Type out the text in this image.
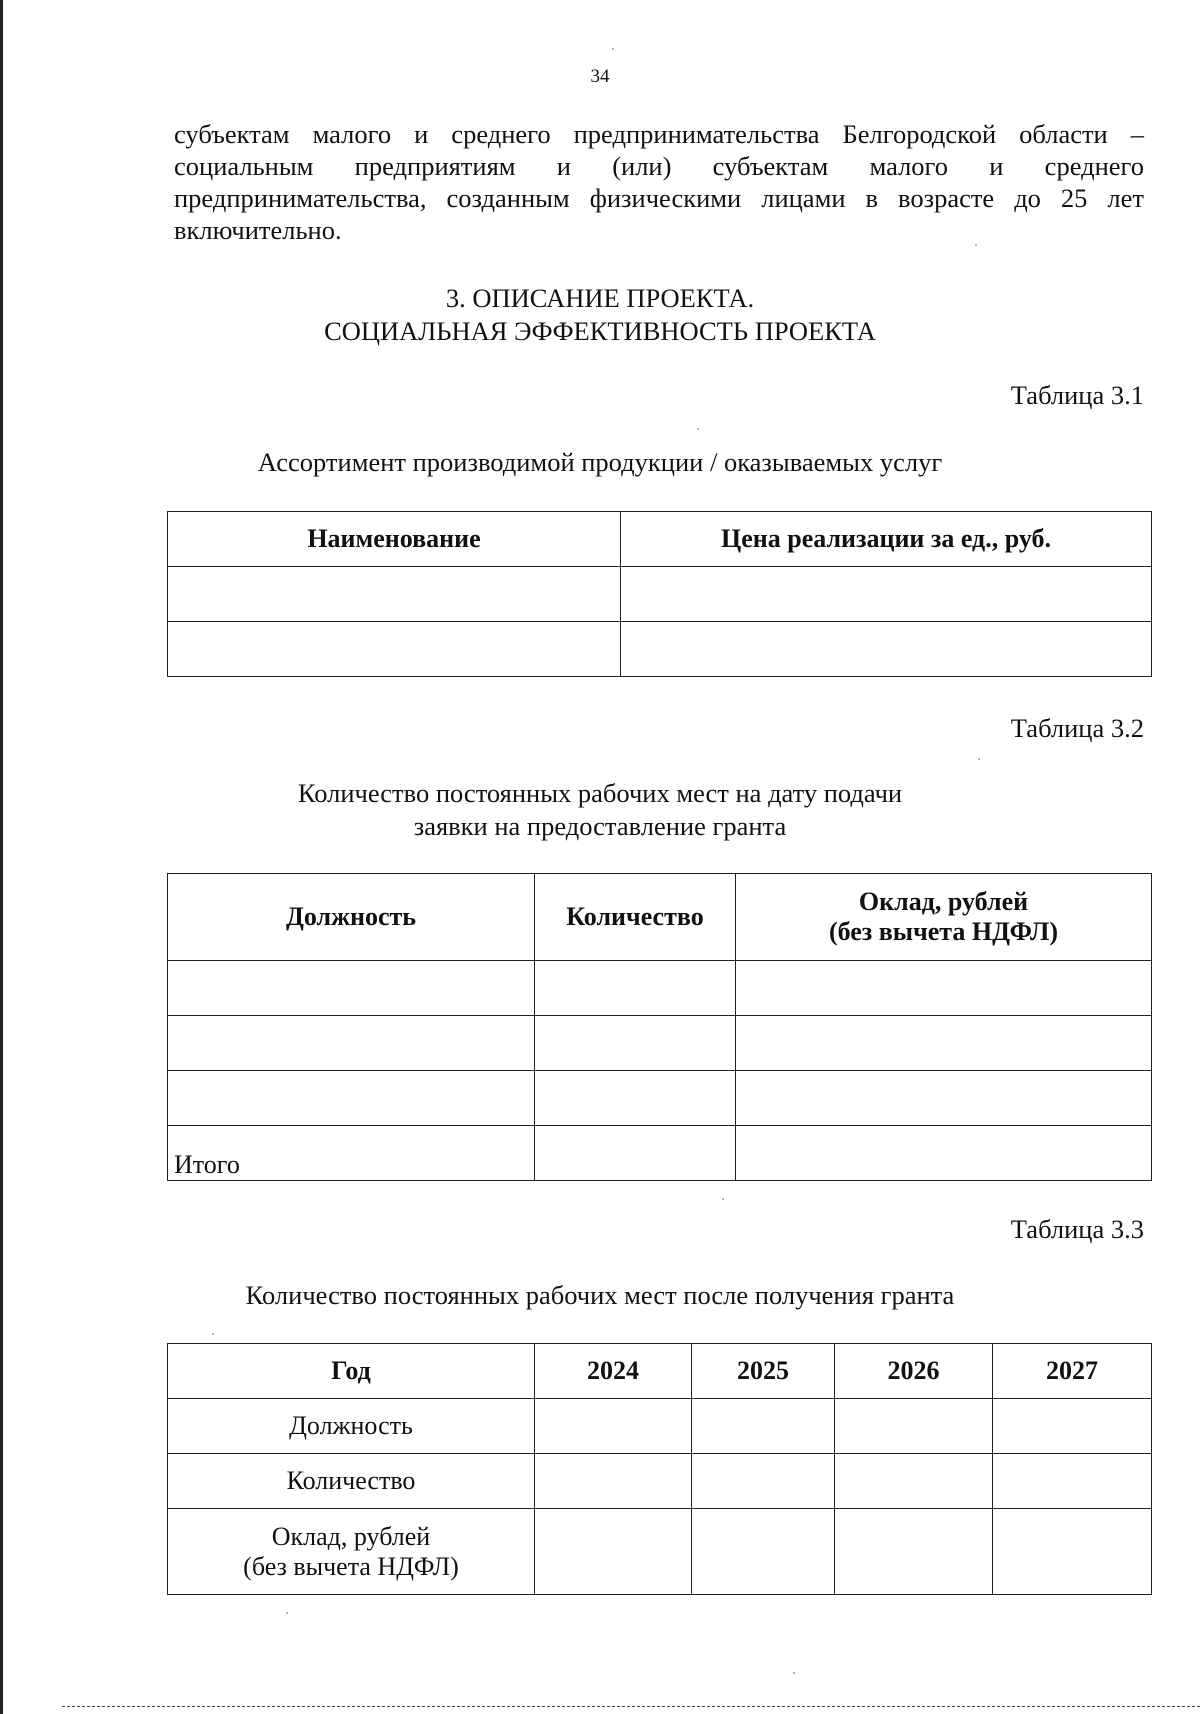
34
субъектам малого и среднего предпринимательства Белгородской области –
социальным предприятиям и (или) субъектам малого и среднего
предпринимательства, созданным физическими лицами в возрасте до 25 лет
включительно.
3. ОПИСАНИЕ ПРОЕКТА.
СОЦИАЛЬНАЯ ЭФФЕКТИВНОСТЬ ПРОЕКТА
Таблица 3.1
Ассортимент производимой продукции / оказываемых услуг
Наименование	Цена реализации за ед., руб.

Таблица 3.2
Количество постоянных рабочих мест на дату подачи
заявки на предоставление гранта
Должность	Количество	Оклад, рублей
(без вычета НДФЛ)

Итого		
Таблица 3.3
Количество постоянных рабочих мест после получения гранта
Год	2024	2025	2026	2027
Должность				
Количество				

Оклад, рублей
(без вычета НДФЛ)				
